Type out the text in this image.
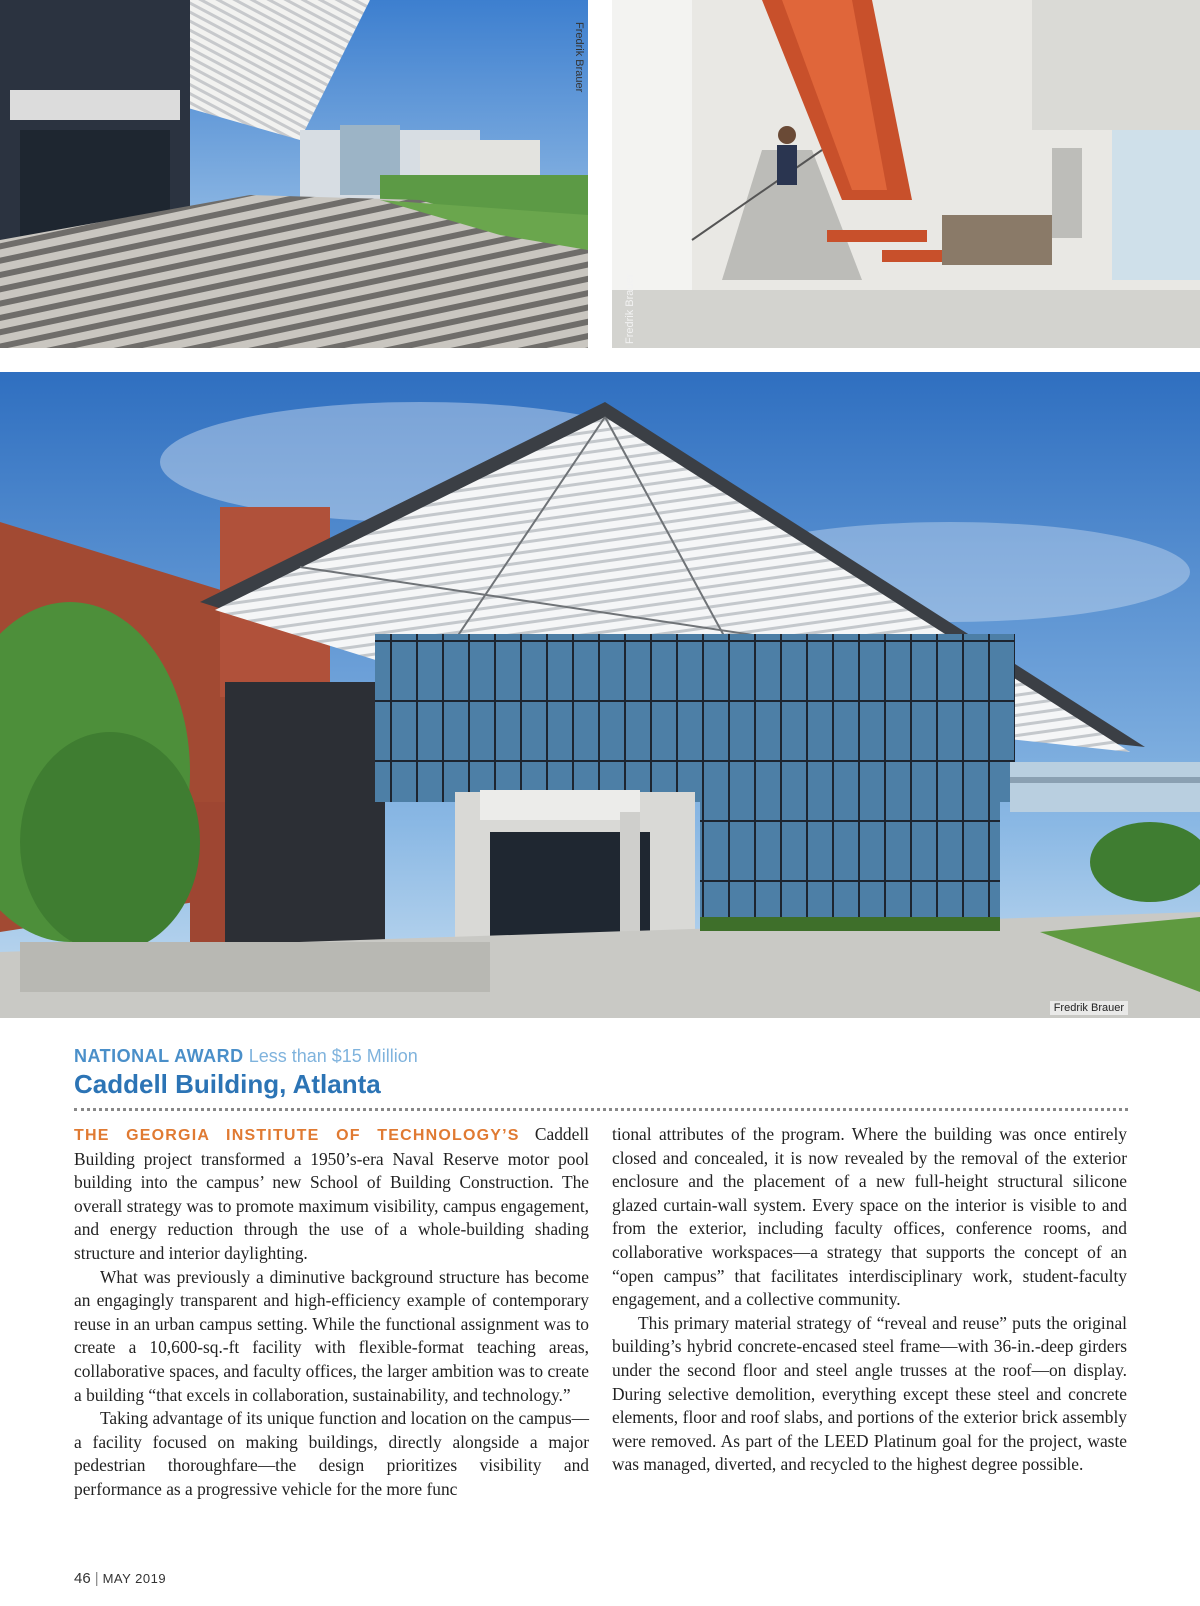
Fredrik Brauer
Fredrik Brauer
Fredrik Brauer
NATIONAL AWARD Less than $15 Million
Caddell Building, Atlanta

THE GEORGIA INSTITUTE OF TECHNOLOGY’S Caddell Building project transformed a 1950’s-era Naval Reserve motor pool building into the campus’ new School of Building Construction. The overall strategy was to promote maximum visibility, campus engagement, and energy reduction through the use of a whole-building shading structure and interior daylighting.

What was previously a diminutive background structure has become an engagingly transparent and high-efficiency example of contemporary reuse in an urban campus setting. While the functional assignment was to create a 10,600-sq.-ft facility with flexible-format teaching areas, collaborative spaces, and faculty offices, the larger ambition was to create a building “that excels in collaboration, sustainability, and technology.”

Taking advantage of its unique function and location on the campus—a facility focused on making buildings, directly alongside a major pedestrian thoroughfare—the design prioritizes visibility and performance as a progressive vehicle for the more func

tional attributes of the program. Where the building was once entirely closed and concealed, it is now revealed by the removal of the exterior enclosure and the placement of a new full-height structural silicone glazed curtain-wall system. Every space on the interior is visible to and from the exterior, including faculty offices, conference rooms, and collaborative workspaces—a strategy that supports the concept of an “open campus” that facilitates interdisciplinary work, student-faculty engagement, and a collective community.

This primary material strategy of “reveal and reuse” puts the original building’s hybrid concrete-encased steel frame—with 36-in.-deep girders under the second floor and steel angle trusses at the roof—on display. During selective demolition, everything except these steel and concrete elements, floor and roof slabs, and portions of the exterior brick assembly were removed. As part of the LEED Platinum goal for the project, waste was managed, diverted, and recycled to the highest degree possible.

46 | MAY 2019
